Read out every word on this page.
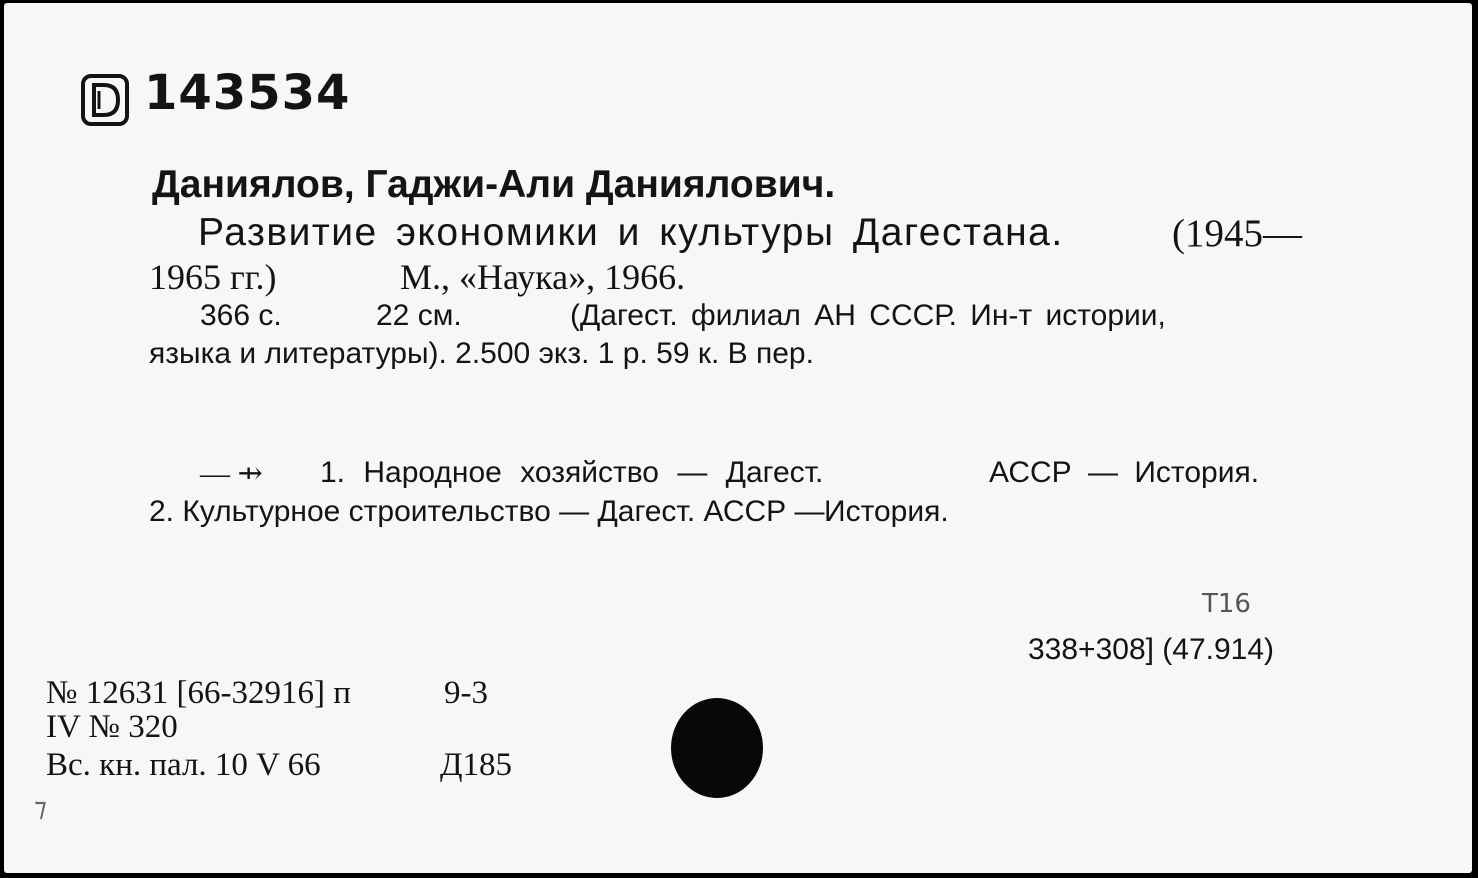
143534
Даниялов, Гаджи-Али Даниялович.
Развитие экономики и культуры Дагестана.	(1945—
1965 гг.)	М., «Наука», 1966.
366 с.	22 см.	(Дагест. филиал АН СССР. Ин-т истории,
языка и литературы). 2.500 экз. 1 р. 59 к. В пер.
— ⇸ 1. Народное хозяйство — Дагест.	АССР — История.
2. Культурное строительство — Дагест. АССР — История.
Т16
338+308] (47.914)
№ 12631 [66-32916] п	9-3
IV № 320
Вс. кн. пал. 10 V 66	Д185
⁊
